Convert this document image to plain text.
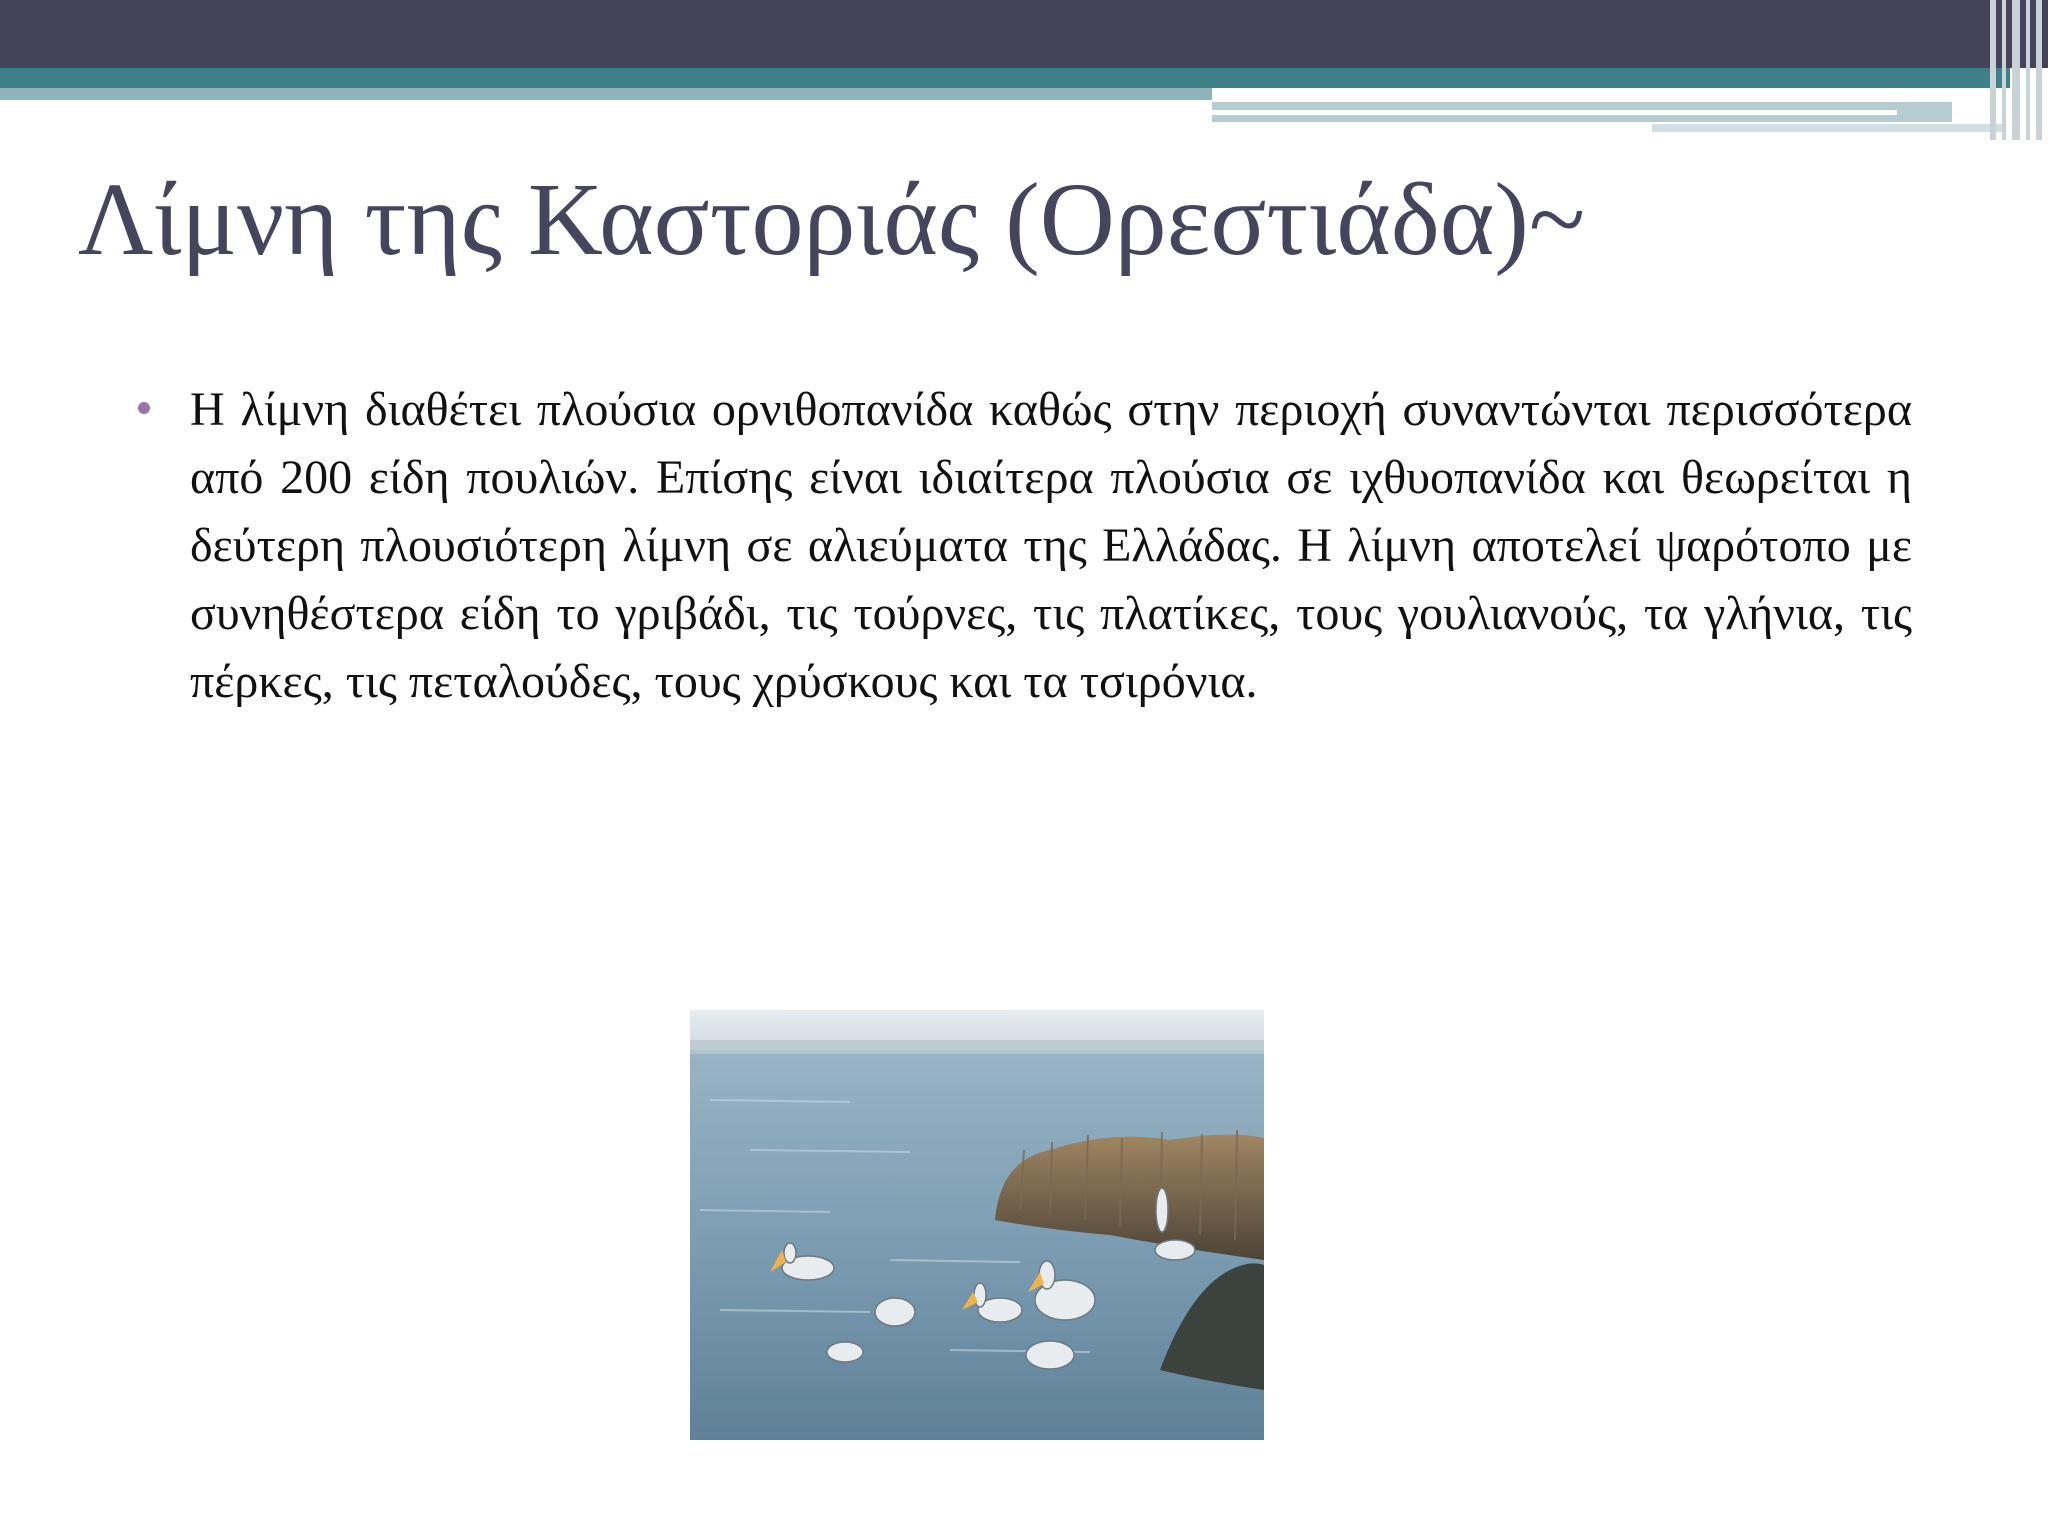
Λίμνη της Καστοριάς (Ορεστιάδα)~
Η λίμνη διαθέτει πλούσια ορνιθοπανίδα καθώς στην περιοχή συναντώνται περισσότερα από 200 είδη πουλιών. Επίσης είναι ιδιαίτερα πλούσια σε ιχθυοπανίδα και θεωρείται η δεύτερη πλουσιότερη λίμνη σε αλιεύματα της Ελλάδας. Η λίμνη αποτελεί ψαρότοπο με συνηθέστερα είδη το γριβάδι, τις τούρνες, τις πλατίκες, τους γουλιανούς, τα γλήνια, τις πέρκες, τις πεταλούδες, τους χρύσκους και τα τσιρόνια.
